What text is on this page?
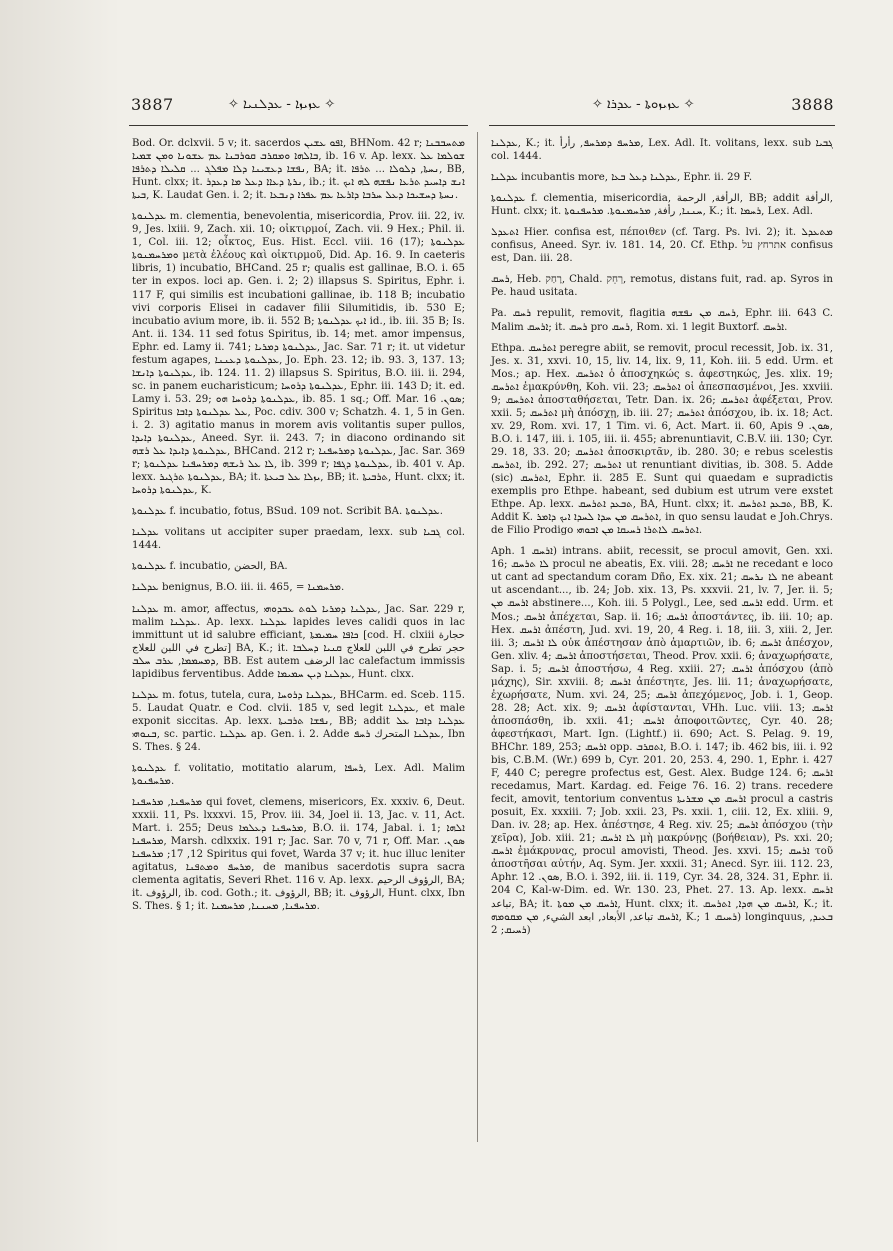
3887	✧ ܥܙܝܙܐ - ܥܕܠܢܝܐ ✧	✧ ܥܙܝܙܘܬܐ - ܥܕܪܐ ✧	3888

Bod. Or. dclxvii. 5 v; it. sacerdos ܐܦܘ ܥܫܝܢ, BHNom. 42 r; ܡܬܚܒܒܢܐ ܒܐܠܗܐ ܘܡܩܪܒ ܩܘܪܒܢܐ ܥܡ ܥܫܘܢܐ ܘܡܢ ܫܡܝܐ, ib. 16 v. Ap. lexx. ܫܘܠܡܐ ܥܠ ܢܦܫܐ ܕܥܫܝܢܐ ܕܠܐ ܡܦܠܓ ... ܩܠܝܠܐ ܕܬܪܦܐ, BA; it. ܢܚܬܐ, ܕܠܘܠܐ ... ܬܪܦܐ, BB, Hunt. clxx; it. ܢܪܬܐ ܕܥܐܐ ܕܥܠ ܡܐ ܕܥܕܪ, ib.; it. ܐܢܫ ܕܐܚܝܕ ܬܪܥܐ ܢܦܫܗ ܠܗ ܐܝܟ ܒܝܬܐ, K. Laudat Gen. i. 2; it. ܢܚܬܐ ܕܚܫܝܟܐ ܕܥܠ ܚܪܒܐ ܕܐܪܥܐ ܥܡ ܥܦܪܐ ܕܢܒܥܐ.

ܥܕܠܢܘܬܐ m. clementia, benevolentia, misericordia, Prov. iii. 22, iv. 9, Jes. lxiii. 9, Zach. xii. 10; οἰκτιρμοί, Zach. vii. 9 Hex.; Phil. ii. 1, Col. iii. 12; οἶκτος, Eus. Hist. Eccl. viii. 16 (17); ܥܕܠܢܘܬܐ ܘܡܪܚܡܢܘܬܐ μετὰ ἐλέους καὶ οἰκτιρμοῦ, Did. Ap. 16. 9. In caeteris libris, 1) incubatio, BHCand. 25 r; qualis est gallinae, B.O. i. 65 ter in expos. loci ap. Gen. i. 2; 2) illapsus S. Spiritus, Ephr. i. 117 F, qui similis est incubationi gallinae, ib. 118 B; incubatio vivi corporis Elisei in cadaver filii Silumitidis, ib. 530 E; incubatio avium more, ib. ii. 552 B; ܐܝܟ ܥܕܠܢܘܬܐ id., ib. iii. 35 B; Is. Ant. ii. 134. 11 sed fotus Spiritus, ib. 14; met. amor impensus, Ephr. ed. Lamy ii. 741; ܥܕܠܢܘܬܐ ܕܡܪܝܐ, Jac. Sar. 71 r; it. ut videtur festum agapes, ܥܕܠܢܘܬܐ ܕܥܢܢܐ, Jo. Eph. 23. 12; ib. 93. 3, 137. 13; ܥܕܠܢܘܬܐ ܕܐܢܫܐ, ib. 124. 11. 2) illapsus S. Spiritus, B.O. iii. ii. 294, sc. in panem eucharisticum; ܥܕܠܢܘܬܐ ܕܪܘܚܐ, Ephr. iii. 143 D; it. ed. Lamy i. 53. 29; ܥܕܠܢܘܬܐ ܕܪܘܚܐ ܗܘ, ib. 85. 1 sq.; Off. Mar. ܣܘܢ. 16; Spiritus ܥܠ ܥܕܠܢܘܬܐ ܕܐܒܐ, Poc. cdiv. 300 v; Schatzh. 4. 1, 5 in Gen. i. 2. 3) agitatio manus in morem avis volitantis super pullos, ܥܕܠܢܘܬܐ ܕܐܝܕܐ, Aneed. Syr. ii. 243. 7; in diacono ordinando sit ܥܕܠܢܘܬܐ ܕܐܝܕܐ ܥܠ ܪܫܗ, BHCand. 212 r; ܥܕܠܢܘܬܐ ܕܡܪܚܦܢܐ, Jac. Sar. 369 r; ܠܐ ܥܠ ܪܝܫܗ ܕܡܪܚܦܢܐ ܥܕܠܢܘܬܐ, ib. 399 r; ܥܕܠܢܘܬܐ ܕܓܦܐ, ib. 401 v. Ap. lexx. ܥܕܠܢܘܬܐ ܬܪܓܝܪ, BA; it. ܝܙܠܐ ܥܠ ܒܝܥܬܐ, BB; it. ܬܪܒܝܬܐ, Hunt. clxx; it. ܥܕܠܢܘܬܐ ܕܪܘܚܐ, K.

ܥܕܠܢܘܬܐ f. incubatio, fotus, BSud. 109 not. Scribit BA. ܥܕܠܢܘܬܐ.

ܥܕܠܢܐ volitans ut accipiter super praedam, lexx. sub ܓܒܝܐ col. 1444.

ܥܕܠܢܘܬܐ f. incubatio, الحضن, BA.

ܥܕܠܢܐ benignus, B.O. iii. ii. 465, = ܡܪܚܡܢܐ.

ܥܕܠܢܐ m. amor, affectus, ܥܕܠܢܐ ܕܡܪܝܐ ܠܘܬ ܥܒܕܘܗܝ, Jac. Sar. 229 r, malim ܥܕܠܢܐ. Ap. lexx. ܥܕܠܢܐ lapides leves calidi quos in lac immittunt ut id salubre efficiant, ܟܐܦܐ ܚܡܝܡܬܐ [cod. H. clxiii حجارة تطرح في اللبن للعلاج] BA, K.; it. حجر تطرح في اللبن للعلاج ܩܢܝܐ ܕܚܠܒܐ ܕܡܚܡܡܐ, ܥܪܒ ܚܠܒ, BB. Est autem الرضف lac calefactum immissis lapidibus ferventibus. Adde ܥܕܠܢܐ ܕܝܢ ܚܡܝܡܐ, Hunt. clxx.

ܥܕܠܢܐ m. fotus, tutela, cura, ܥܕܠܢܐ ܕܪܘܚܐ, BHCarm. ed. Sceb. 115. 5. Laudat Quatr. e Cod. clvii. 185 v, sed legit ܥܕܠܢܐ, et male exponit siccitas. Ap. lexx. ܢܦܫܐ ܬܪܒܝܬܐ, BB; addit ܥܕܠܢܐ ܕܐܒܐ ܥܠ ܒܢܘܗܝ, sc. partic. ܥܕܠܢܐ ap. Gen. i. 2. Adde ܥܕܠܢܐ المتحرك ܪܚܦ, Ibn S. Thes. § 24.

ܥܕܠܢܘܬܐ f. volitatio, motitatio alarum, ܪܚܦܐ, Lex. Adl. Malim ܡܪܚܦܢܘܬܐ.

ܡܪܚܦܢܐ, ܡܪܚܦܢܐ qui fovet, clemens, misericors, Ex. xxxiv. 6, Deut. xxxii. 11, Ps. lxxxvi. 15, Prov. iii. 34, Joel ii. 13, Jac. v. 11, Act. Mart. i. 255; Deus ܡܪܚܦܢܐ ܕܥܠܡܐ, B.O. ii. 174, Jabal. i. 1; ܐܠܗܐ ܡܪܚܦܢܐ, Marsh. cdlxxix. 191 r; Jac. Sar. 70 v, 71 r, Off. Mar. ܣܘܢ. 12, 17; ܡܪܚܦܢܐ Spiritus qui fovet, Warda 37 v; it. huc illuc leniter agitatus, ܡܪܚܦ ܘܡܬܦܢܐ, de manibus sacerdotis supra sacra clementa agitatis, Severi Rhet. 116 v. Ap. lexx. الرؤوف الرحيم, BA; it. الرؤوف, ib. cod. Goth.; it. الرؤوف, BB; it. الرؤوف, Hunt. clxx, Ibn S. Thes. § 1; it. ܡܪܚܦܢܐ, ܡܚܢܢܐ, ܡܪܚܡܢܐ.

ܥܕܠܢܐ, K.; it. ܡܪܚܦ ܕܡܪܚܦ, رأرأ, Lex. Adl. It. volitans, lexx. sub ܓܒܝܐ col. 1444.

ܥܕܠܢܐ incubantis more, ܥܕܠܢܐ ܕܥܠ ܒܥܐ, Ephr. ii. 29 F.

ܥܕܠܢܘܬܐ f. clementia, misericordia, الرأفة, الرحمة, BB; addit الرأفة, Hunt. clxx; it. ܚܢܢܐ, رأفة, ܡܪܚܡܢܘܬܐ. ܡܪܚܦܢܘܬܐ, K.; it. ܪܚܡܐ, Lex. Adl.

ܐܬܥܕܠ Hier. confisa est, πέποιθεν (cf. Targ. Ps. lvi. 2); it. ܡܬܥܕܠ confisus, Aneed. Syr. iv. 181. 14, 20. Cf. Ethp. אתרחץ על confisus est, Dan. iii. 28.

ܪܚܩ, Heb. רָחַק, Chald. רְחֵק, remotus, distans fuit, rad. ap. Syros in Pe. haud usitata.

Pa. ܪܚܩ repulit, removit, flagitia ܪܚܩ ܡܢ ܢܦܫܗ, Ephr. iii. 643 C. Malim ܐܪܚܩ; it. ܪܚܩ pro ܪܚܩ, Rom. xi. 1 legit Buxtorf. ܐܪܚܩ.

Ethpa. ܐܬܪܚܩ peregre abiit, se removit, procul recessit, Job. ix. 31, Jes. x. 31, xxvi. 10, 15, liv. 14, lix. 9, 11, Koh. iii. 5 edd. Urm. et Mos.; ap. Hex. ܐܬܪܚܩ ὁ ἀποσχηκώς s. ἀφεστηκώς, Jes. xlix. 19; ܐܬܪܚܩ ἐμακρύνθη, Koh. vii. 23; ܐܬܪܚܩ οἱ ἀπεσπασμένοι, Jes. xxviii. 9; ܐܬܪܚܩ ἀποσταθήσεται, Tetr. Dan. ix. 26; ܐܬܪܚܩ ἀφέξεται, Prov. xxii. 5; ܐܬܪܚܩ μὴ ἀπόσχῃ, ib. iii. 27; ܐܬܪܚܩ ἀπόσχου, ib. ix. 18; Act. xv. 29, Rom. xvi. 17, 1 Tim. vi. 6, Act. Mart. ii. 60, Apis ܣܘܢ. 9, B.O. i. 147, iii. i. 105, iii. ii. 455; abrenuntiavit, C.B.V. iii. 130; Cyr. 29. 18, 33. 20; ܐܬܪܚܩ ἀποσκιρτᾶν, ib. 280. 30; e rebus scelestis ܐܬܪܚܩ, ib. 292. 27; ܐܬܪܚܩ ut renuntiant divitias, ib. 308. 5. Adde (sic) ܐܬܪܚܩ, Ephr. ii. 285 E. Sunt qui quaedam e supradictis exemplis pro Ethpe. habeant, sed dubium est utrum vere exstet Ethpe. Ap. lexx. ܬܒܥܕ ܐܬܪܚܩ, BA, Hunt. clxx; it. ܬܒܥܕ ܐܬܪܚܩ, BB, K. Addit K. ܐܬܪܚܩ ܡܢ ܚܕܐ ܠܚܕܐ ܐܝܟ ܕܐܡܪ, in quo sensu laudat e Joh.Chrys. de Filio Prodigo ܐܬܪܚܩ ܠܐܬܪܐ ܪܚܝܩܐ ܡܢ ܐܒܘܗܝ.

Aph. ܐܪܚܩ 1) intrans. abiit, recessit, se procul amovit, Gen. xxi. 16; ܠܐ ܬܪܚܩ procul ne abeatis, Ex. viii. 28; ܐܪܚܩ ne recedant e loco ut cant ad spectandum coram Dño, Ex. xix. 21; ܠܐ ܢܪܚܩ ne abeant ut ascendant..., ib. 24; Job. xix. 13, Ps. xxxvii. 21, lv. 7, Jer. ii. 5; ܐܪܚܩ ܡܢ abstinere..., Koh. iii. 5 Polygl., Lee, sed ܐܪܚܩ edd. Urm. et Mos.; ܐܪܚܩ ἀπέχεται, Sap. ii. 16; ܐܪܚܩ ἀποστάντες, ib. iii. 10; ap. Hex. ܐܪܚܩ ἀπέστη, Jud. xvi. 19, 20, 4 Reg. i. 18, iii. 3, xiii. 2, Jer. iii. 3; ܠܐ ܐܪܚܩ οὐκ ἀπέστησαν ἀπὸ ἁμαρτιῶν, ib. 6; ܐܪܚܩ ἀπέσχον, Gen. xliv. 4; ܐܪܚܩ ἀποστήσεται, Theod. Prov. xxii. 6; ἀναχωρήσατε, Sap. i. 5; ܐܪܚܩ ἀποστήσω, 4 Reg. xxiii. 27; ܐܪܚܩ ἀπόσχου (ἀπὸ μάχης), Sir. xxviii. 8; ܐܪܚܩ ἀπέστητε, Jes. lii. 11; ἀναχωρήσατε, ἐχωρήσατε, Num. xvi. 24, 25; ܐܪܚܩ ἀπεχόμενος, Job. i. 1, Geop. 28. 28; Act. xix. 9; ܐܪܚܩ ἀφίστανται, VHh. Luc. viii. 13; ܐܪܚܩ ἀποσπάσθη, ib. xxii. 41; ܐܪܚܩ ἀποφοιτῶντες, Cyr. 40. 28; ἀφεστήκασι, Mart. Ign. (Lightf.) ii. 690; Act. S. Pelag. 9. 19, BHChr. 189, 253; ܐܪܚܩ opp. ܐܬܩܪܒ, B.O. i. 147; ib. 462 bis, iii. i. 92 bis, C.B.M. (Wr.) 699 b, Cyr. 201. 20, 253. 4, 290. 1, Ephr. i. 427 F, 440 C; peregre profectus est, Gest. Alex. Budge 124. 6; ܐܪܚܩ recedamus, Mart. Kardag. ed. Feige 76. 16. 2) trans. recedere fecit, amovit, tentorium conventus ܐܪܚܩ ܡܢ ܡܫܪܝܬܐ procul a castris posuit, Ex. xxxiii. 7; Job. xxii. 23, Ps. xxii. 1, ciii. 12, Ex. xliii. 9, Dan. iv. 28; ap. Hex. ἀπέστησε, 4 Reg. xiv. 25; ܐܪܚܩ ἀπόσχου (τὴν χεῖρα), Job. xiii. 21; ܠܐ ܐܪܚܩ μὴ μακρύνῃς (βοήθειαν), Ps. xxi. 20; ܐܪܚܩ ἐμάκρυνας, procul amovisti, Theod. Jes. xxvi. 15; ܐܪܚܩ τοῦ ἀποστῆσαι αὐτήν, Aq. Sym. Jer. xxxii. 31; Anecd. Syr. iii. 112. 23, Aphr. ܣܘܢ. 12, B.O. i. 392, iii. ii. 119, Cyr. 34. 28, 324. 31, Ephr. ii. 204 C, Kal-w-Dim. ed. Wr. 130. 23, Phet. 27. 13. Ap. lexx. ܐܪܚܩ تباعد, BA; it. ܐܪܚܩ ܡܢ ܡܘܬܐ, Hunt. clxx; it. ܐܪܚܩ ܡܢ ܗܕܐ, ܐܬܪܚܩ, K.; it. ܐܪܚܩ تباعد, الأبعاد, ابعد الشيء, ܡܢ ܡܩܘܡܗ, K.; ܪܚܝܩ 1) longinquus, ܒܥܝܕ, ܪܚܝܩ; 2)
